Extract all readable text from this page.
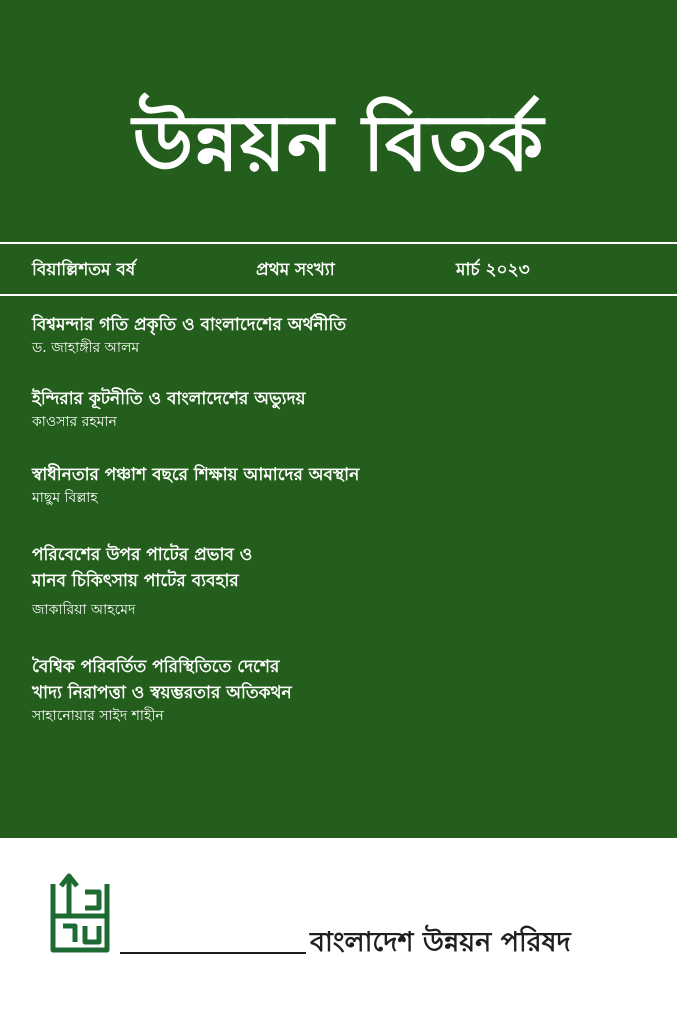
উন্নয়ন বিতর্ক
বিয়াল্লিশতম বর্ষ	প্রথম সংখ্যা	মার্চ ২০২৩
বিশ্বমন্দার গতি প্রকৃতি ও বাংলাদেশের অর্থনীতি
ড. জাহাঙ্গীর আলম
ইন্দিরার কূটনীতি ও বাংলাদেশের অভ্যুদয়
কাওসার রহমান
স্বাধীনতার পঞ্চাশ বছরে শিক্ষায় আমাদের অবস্থান
মাছুম বিল্লাহ
পরিবেশের উপর পাটের প্রভাব ও
মানব চিকিৎসায় পাটের ব্যবহার
জাকারিয়া আহমেদ
বৈশ্বিক পরিবর্তিত পরিস্থিতিতে দেশের
খাদ্য নিরাপত্তা ও স্বয়ম্ভরতার অতিকথন
সাহানোয়ার সাইদ শাহীন
বাংলাদেশ উন্নয়ন পরিষদ
